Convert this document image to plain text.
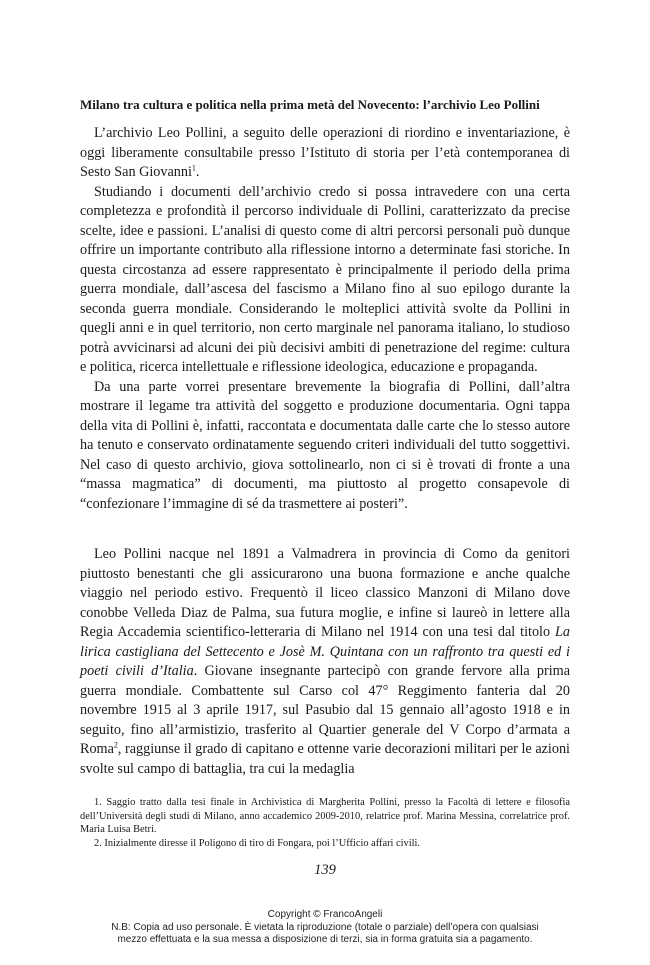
Milano tra cultura e politica nella prima metà del Novecento: l’archivio Leo Pollini

L’archivio Leo Pollini, a seguito delle operazioni di riordino e inventariazione, è oggi liberamente consultabile presso l’Istituto di storia per l’età contemporanea di Sesto San Giovanni$^1$.

Studiando i documenti dell’archivio credo si possa intravedere con una certa completezza e profondità il percorso individuale di Pollini, caratterizzato da precise scelte, idee e passioni. L’analisi di questo come di altri percorsi personali può dunque offrire un importante contributo alla riflessione intorno a determinate fasi storiche. In questa circostanza ad essere rappresentato è principalmente il periodo della prima guerra mondiale, dall’ascesa del fascismo a Milano fino al suo epilogo durante la seconda guerra mondiale. Considerando le molteplici attività svolte da Pollini in quegli anni e in quel territorio, non certo marginale nel panorama italiano, lo studioso potrà avvicinarsi ad alcuni dei più decisivi ambiti di penetrazione del regime: cultura e politica, ricerca intellettuale e riflessione ideologica, educazione e propaganda.

Da una parte vorrei presentare brevemente la biografia di Pollini, dall’altra mostrare il legame tra attività del soggetto e produzione documentaria. Ogni tappa della vita di Pollini è, infatti, raccontata e documentata dalle carte che lo stesso autore ha tenuto e conservato ordinatamente seguendo criteri individuali del tutto soggettivi. Nel caso di questo archivio, giova sottolinearlo, non ci si è trovati di fronte a una “massa magmatica” di documenti, ma piuttosto al progetto consapevole di “confezionare l’immagine di sé da trasmettere ai posteri”.

Leo Pollini nacque nel 1891 a Valmadrera in provincia di Como da genitori piuttosto benestanti che gli assicurarono una buona formazione e anche qualche viaggio nel periodo estivo. Frequentò il liceo classico Manzoni di Milano dove conobbe Velleda Diaz de Palma, sua futura moglie, e infine si laureò in lettere alla Regia Accademia scientifico-letteraria di Milano nel 1914 con una tesi dal titolo La lirica castigliana del Settecento e Josè M. Quintana con un raffronto tra questi ed i poeti civili d’Italia. Giovane insegnante partecipò con grande fervore alla prima guerra mondiale. Combattente sul Carso col 47° Reggimento fanteria dal 20 novembre 1915 al 3 aprile 1917, sul Pasubio dal 15 gennaio all’agosto 1918 e in seguito, fino all’armistizio, trasferito al Quartier generale del V Corpo d’armata a Roma$^2$, raggiunse il grado di capitano e ottenne varie decorazioni militari per le azioni svolte sul campo di battaglia, tra cui la medaglia

1. Saggio tratto dalla tesi finale in Archivistica di Margherita Pollini, presso la Facoltà di lettere e filosofia dell’Università degli studi di Milano, anno accademico 2009-2010, relatrice prof. Marina Messina, correlatrice prof. Maria Luisa Betri.

2. Inizialmente diresse il Poligono di tiro di Fongara, poi l’Ufficio affari civili.

139
Copyright © FrancoAngeli
N.B: Copia ad uso personale. È vietata la riproduzione (totale o parziale) dell’opera con qualsiasi
mezzo effettuata e la sua messa a disposizione di terzi, sia in forma gratuita sia a pagamento.
